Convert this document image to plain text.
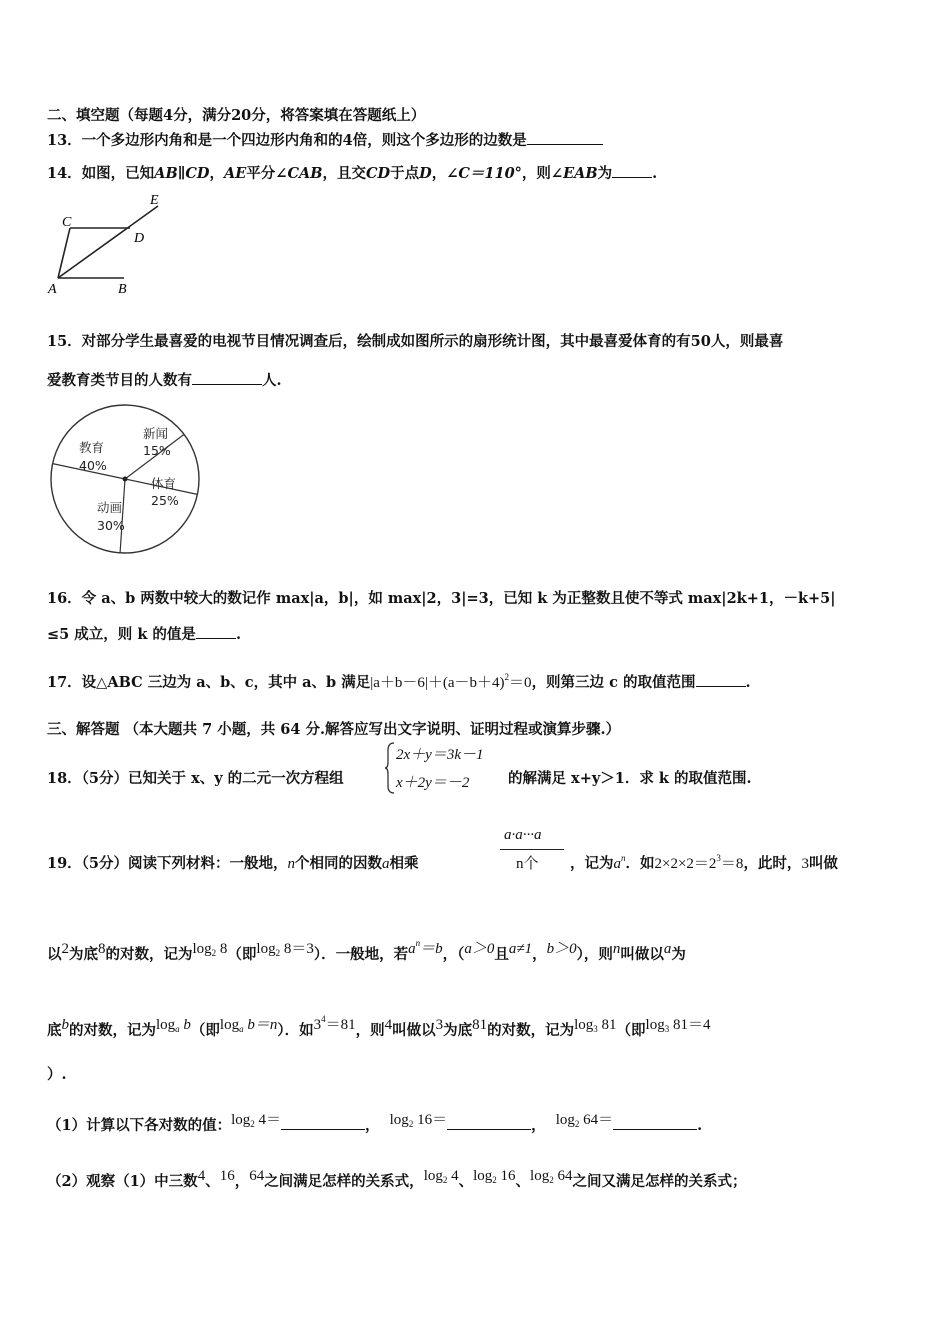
二、填空题（每题4分，满分20分，将答案填在答题纸上）
13．一个多边形内角和是一个四边形内角和的4倍，则这个多边形的边数是
14．如图，已知AB∥CD，AE平分∠CAB，且交CD于点D，∠C＝110°，则∠EAB为	.
C
D
E
A	B
15．对部分学生最喜爱的电视节目情况调查后，绘制成如图所示的扇形统计图，其中最喜爱体育的有50人，则最喜
爱教育类节目的人数有	人.
教育
40%
新闻
15%
体育
25%
动画
30%
16．令 a、b 两数中较大的数记作 max|a，b|，如 max|2，3|=3，已知 k 为正整数且使不等式 max|2k+1，－k+5|
≤5 成立，则 k 的值是	.
17．设△ABC 三边为 a、b、c，其中 a、b 满足$|a+b-6|+(a-b+4)^2=0$，则第三边 c 的取值范围	.
三、解答题 （本大题共 7 小题，共 64 分.解答应写出文字说明、证明过程或演算步骤.）
18．（5分）已知关于 x、y 的二元一次方程组
2x＋y＝3k－1
x＋2y＝－2	的解满足 x+y＞1．求 k 的取值范围.
19．（5分）阅读下列材料：一般地，n个相同的因数a相乘
a·a···a
n个 ，记为$a^n$．如$2\times 2\times 2=2^3=8$，此时，3叫做
以$^2$为底$^8$的对数，记为$^{log_2 8}$（即$^{log_2 8=3}$）．一般地，若$^{a^n=b}$，（$^{a>0}$且$^{a\ne 1}$，$^{b>0}$），则$^n$叫做以$^a$为
底$^b$的对数，记为$^{log_a b}$（即$^{log_a b=n}$）．如$^{3^4=81}$，则$^4$叫做以$^3$为底$^{81}$的对数，记为$^{log_3 81}$（即$^{log_3 81=4}$
）.
（1）计算以下各对数的值：$^{log_2 4=}$	，  $^{log_2 16=}$	，  $^{log_2 64=}$	.
（2）观察（1）中三数$^4$、$^{16}$，$^{64}$之间满足怎样的关系式，$^{log_2 4}$、$^{log_2 16}$、$^{log_2 64}$之间又满足怎样的关系式；
